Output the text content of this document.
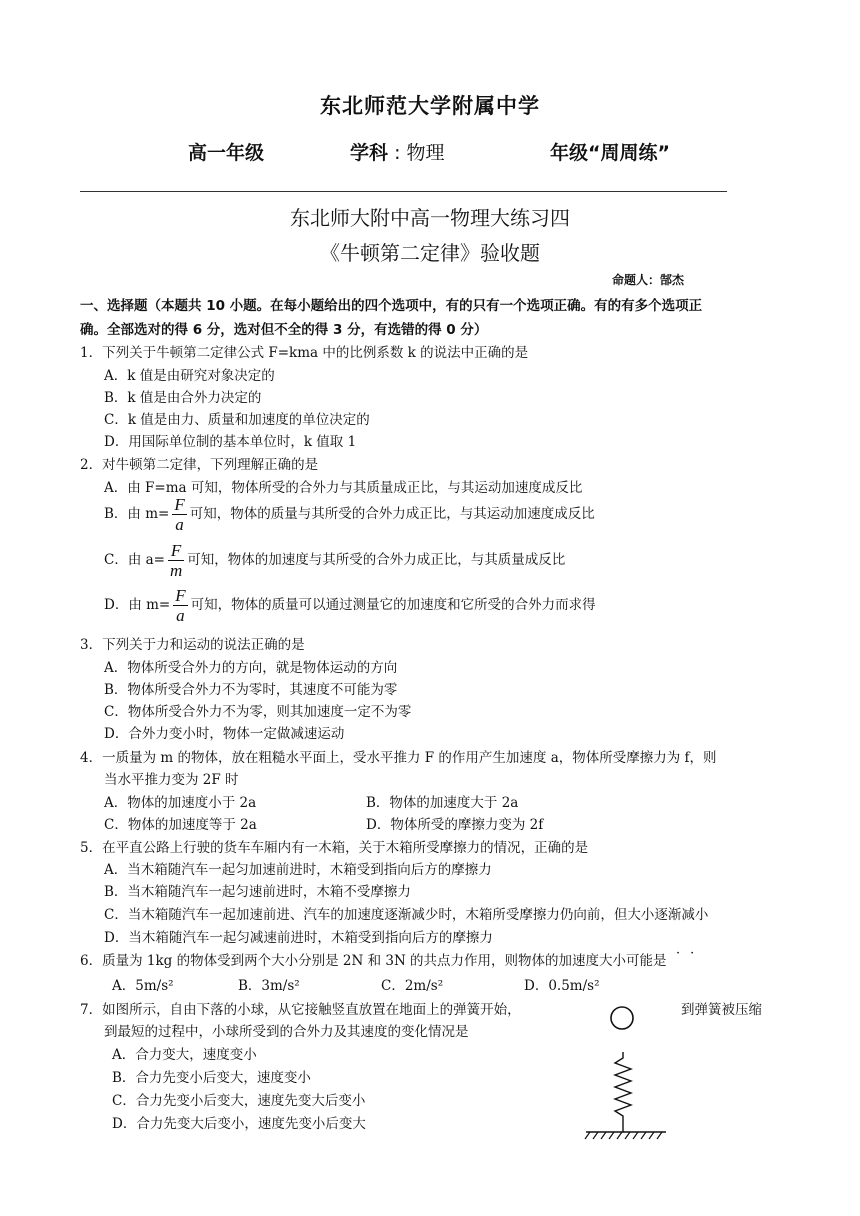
东北师范大学附属中学
高一年级	学科 : 物理	年级“周周练”
东北师大附中高一物理大练习四
《牛顿第二定律》验收题
命题人：郜杰
一、选择题（本题共 10 小题。在每小题给出的四个选项中，有的只有一个选项正确。有的有多个选项正
确。全部选对的得 6 分，选对但不全的得 3 分，有选错的得 0 分）
1．下列关于牛顿第二定律公式 F=kma 中的比例系数 k 的说法中正确的是
A．k 值是由研究对象决定的
B．k 值是由合外力决定的
C．k 值是由力、质量和加速度的单位决定的
D．用国际单位制的基本单位时，k 值取 1
2．对牛顿第二定律，下列理解正确的是
A．由 F=ma 可知，物体所受的合外力与其质量成正比，与其运动加速度成反比
B．由 $m= \frac{F}{a}$ 可知，物体的质量与其所受的合外力成正比，与其运动加速度成反比
C．由 $a= \frac{F}{m}$ 可知，物体的加速度与其所受的合外力成正比，与其质量成反比
D．由 $m= \frac{F}{a}$ 可知，物体的质量可以通过测量它的加速度和它所受的合外力而求得
3．下列关于力和运动的说法正确的是
A．物体所受合外力的方向，就是物体运动的方向
B．物体所受合外力不为零时，其速度不可能为零
C．物体所受合外力不为零，则其加速度一定不为零
D．合外力变小时，物体一定做减速运动
4．一质量为 m 的物体，放在粗糙水平面上，受水平推力 F 的作用产生加速度 a，物体所受摩擦力为 f，则
当水平推力变为 2F 时
A．物体的加速度小于 2a	B．物体的加速度大于 2a
C．物体的加速度等于 2a	D．物体所受的摩擦力变为 2f
5．在平直公路上行驶的货车车厢内有一木箱，关于木箱所受摩擦力的情况，正确的是
A．当木箱随汽车一起匀加速前进时，木箱受到指向后方的摩擦力
B．当木箱随汽车一起匀速前进时，木箱不受摩擦力
C．当木箱随汽车一起加速前进、汽车的加速度逐渐减少时，木箱所受摩擦力仍向前，但大小逐渐减小
D．当木箱随汽车一起匀减速前进时，木箱受到指向后方的摩擦力
6．质量为 1kg 的物体受到两个大小分别是 2N 和 3N 的共点力作用，则物体的加速度大小可能是 ··
A．5m/s²	B．3m/s²	C．2m/s²	D．0.5m/s²
7．如图所示，自由下落的小球，从它接触竖直放置在地面上的弹簧开始，	到弹簧被压缩
到最短的过程中，小球所受到的合外力及其速度的变化情况是
A．合力变大，速度变小
B．合力先变小后变大，速度变小
C．合力先变小后变大，速度先变大后变小
D．合力先变大后变小，速度先变小后变大
